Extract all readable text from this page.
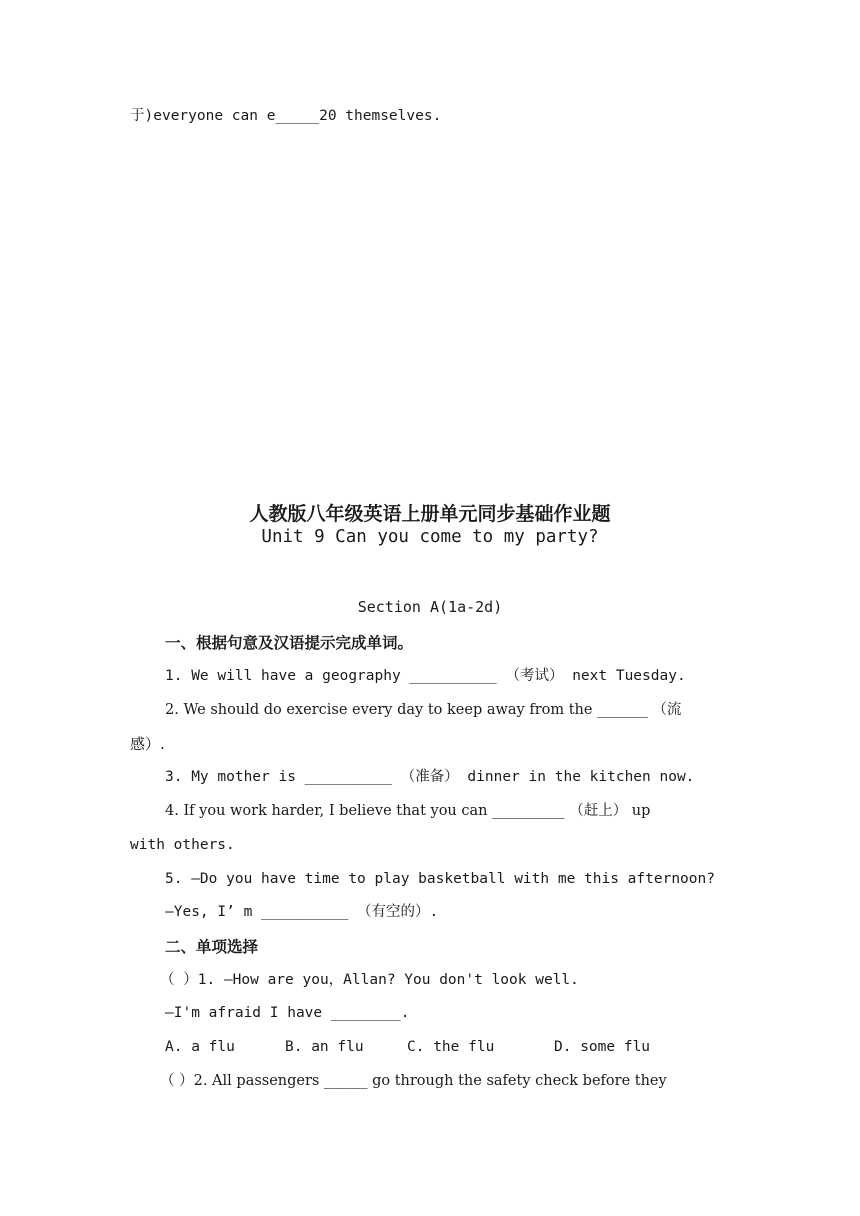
于)everyone can e_____20 themselves.
人教版八年级英语上册单元同步基础作业题
Unit 9 Can you come to my party?
Section A(1a-2d)
一、根据句意及汉语提示完成单词。
1. We will have a geography __________ （考试） next Tuesday.
2. We should do exercise every day to keep away from the _______ （流
感）.
3. My mother is __________ （准备） dinner in the kitchen now.
4. If you work harder, I believe that you can __________ （赶上） up
with others.
5. —Do you have time to play basketball with me this afternoon?
—Yes, I’ m __________ （有空的）.
二、单项选择
（ ）1. —How are you，Allan? You don't look well.
—I'm afraid I have ________.
A. a flu	B. an flu	C. the flu	D. some flu
（ ）2. All passengers ______ go through the safety check before they
